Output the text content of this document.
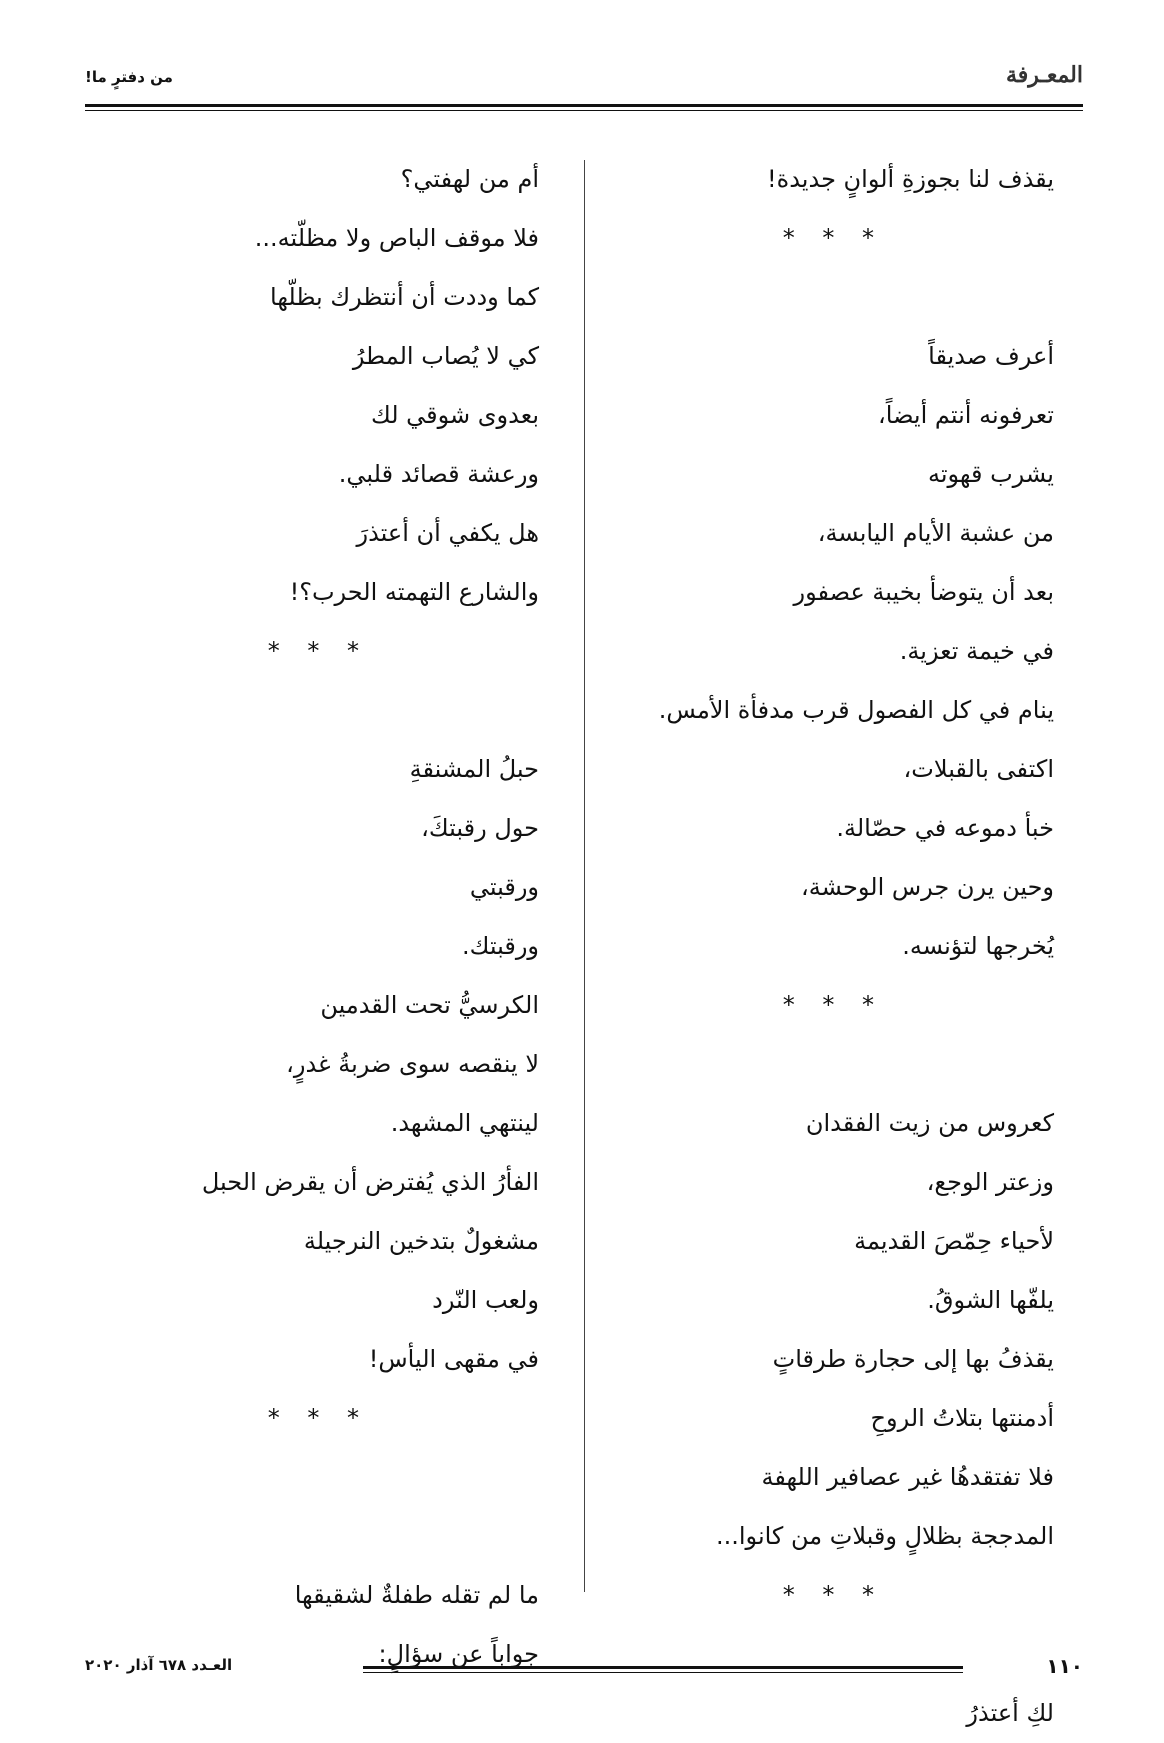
المعـرفة
من دفترٍ ما!
يقذف لنا بجوزةِ ألوانٍ جديدة!
* * *
أعرف صديقاً
تعرفونه أنتم أيضاً،
يشرب قهوته
من عشبة الأيام اليابسة،
بعد أن يتوضأ بخيبة عصفور
في خيمة تعزية.
ينام في كل الفصول قرب مدفأة الأمس.
اكتفى بالقبلات،
خبأ دموعه في حصّالة.
وحين يرن جرس الوحشة،
يُخرجها لتؤنسه.
* * *
كعروس من زيت الفقدان
وزعتر الوجع،
لأحياء حِمّصَ القديمة
يلفّها الشوقُ.
يقذفُ بها إلى حجارة طرقاتٍ
أدمنتها بتلاتُ الروحِ
فلا تفتقدهُا غير عصافير اللهفة
المدججة بظلالٍ وقبلاتِ من كانوا...
* * *
لكِ أعتذرُ
أم من لهفتي؟
فلا موقف الباص ولا مظلّته...
كما وددت أن أنتظرك بظلّها
كي لا يُصاب المطرُ
بعدوى شوقي لك
ورعشة قصائد قلبي.
هل يكفي أن أعتذرَ
والشارع التهمته الحرب؟!
* * *
حبلُ المشنقةِ
حول رقبتكَ،
ورقبتي
ورقبتك.
الكرسيُّ تحت القدمين
لا ينقصه سوى ضربةُ غدرٍ،
لينتهي المشهد.
الفأرُ الذي يُفترض أن يقرض الحبل
مشغولٌ بتدخين النرجيلة
ولعب النّرد
في مقهى اليأس!
* * *
ما لم تقله طفلةٌ لشقيقها
جواباً عن سؤالٍ:	١١٠
العـدد ٦٧٨ آذار ٢٠٢٠
